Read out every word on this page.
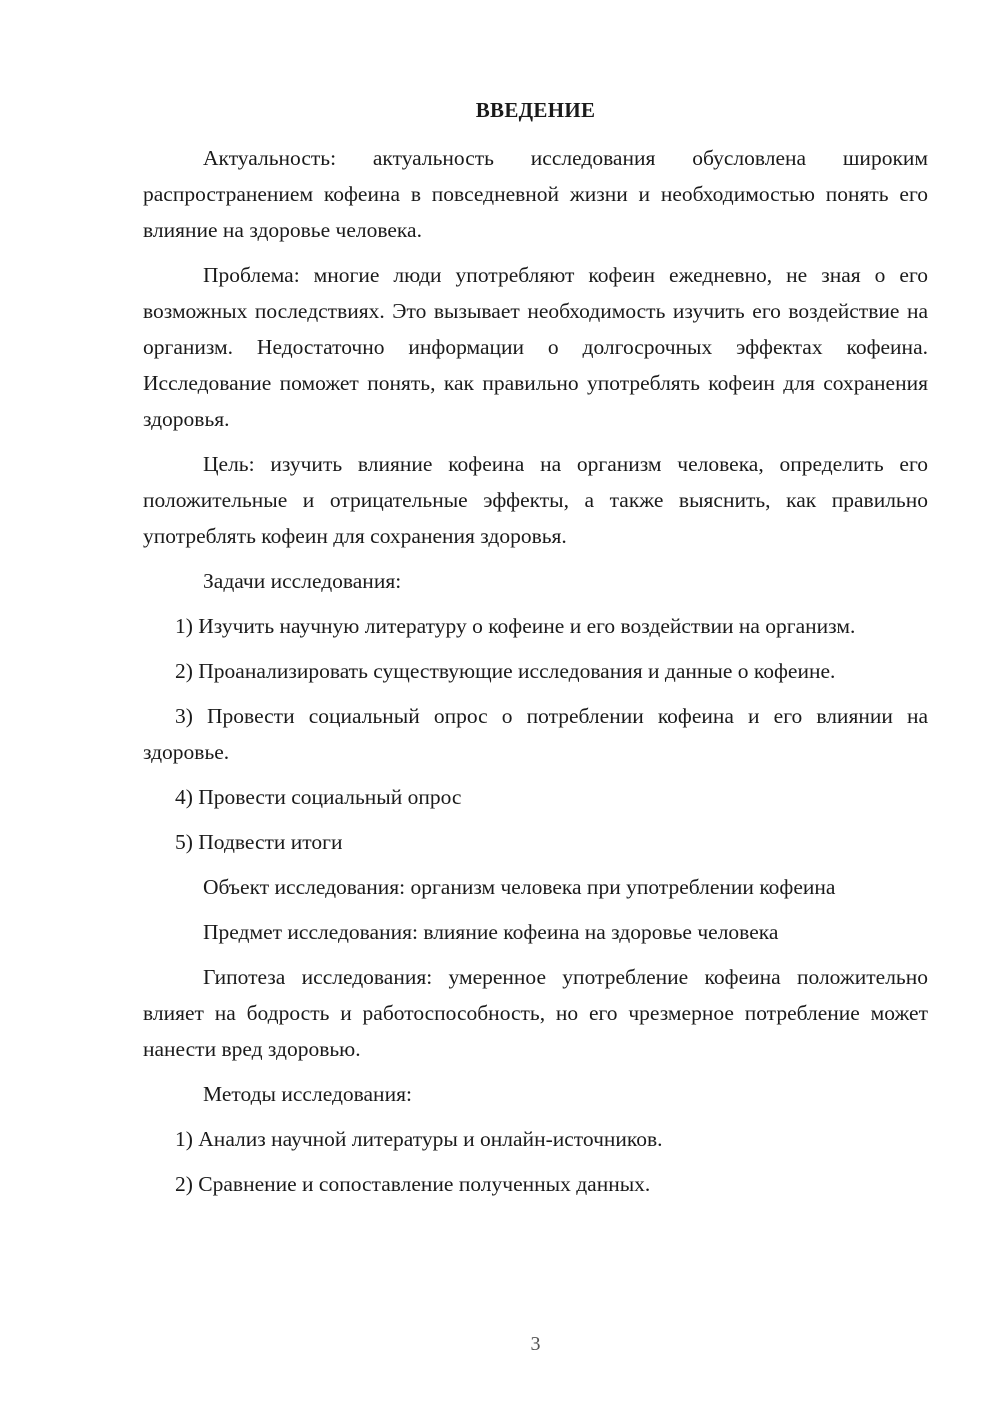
ВВЕДЕНИЕ

Актуальность: актуальность исследования обусловлена широким распространением кофеина в повседневной жизни и необходимостью понять его влияние на здоровье человека.

Проблема: многие люди употребляют кофеин ежедневно, не зная о его возможных последствиях. Это вызывает необходимость изучить его воздействие на организм. Недостаточно информации о долгосрочных эффектах кофеина. Исследование поможет понять, как правильно употреблять кофеин для сохранения здоровья.

Цель: изучить влияние кофеина на организм человека, определить его положительные и отрицательные эффекты, а также выяснить, как правильно употреблять кофеин для сохранения здоровья.

Задачи исследования:

1) Изучить научную литературу о кофеине и его воздействии на организм.

2) Проанализировать существующие исследования и данные о кофеине.

3) Провести социальный опрос о потреблении кофеина и его влиянии на здоровье.

4) Провести социальный опрос

5) Подвести итоги

Объект исследования: организм человека при употреблении кофеина

Предмет исследования: влияние кофеина на здоровье человека

Гипотеза исследования: умеренное употребление кофеина положительно влияет на бодрость и работоспособность, но его чрезмерное потребление может нанести вред здоровью.

Методы исследования:

1) Анализ научной литературы и онлайн-источников.

2) Сравнение и сопоставление полученных данных.

3
